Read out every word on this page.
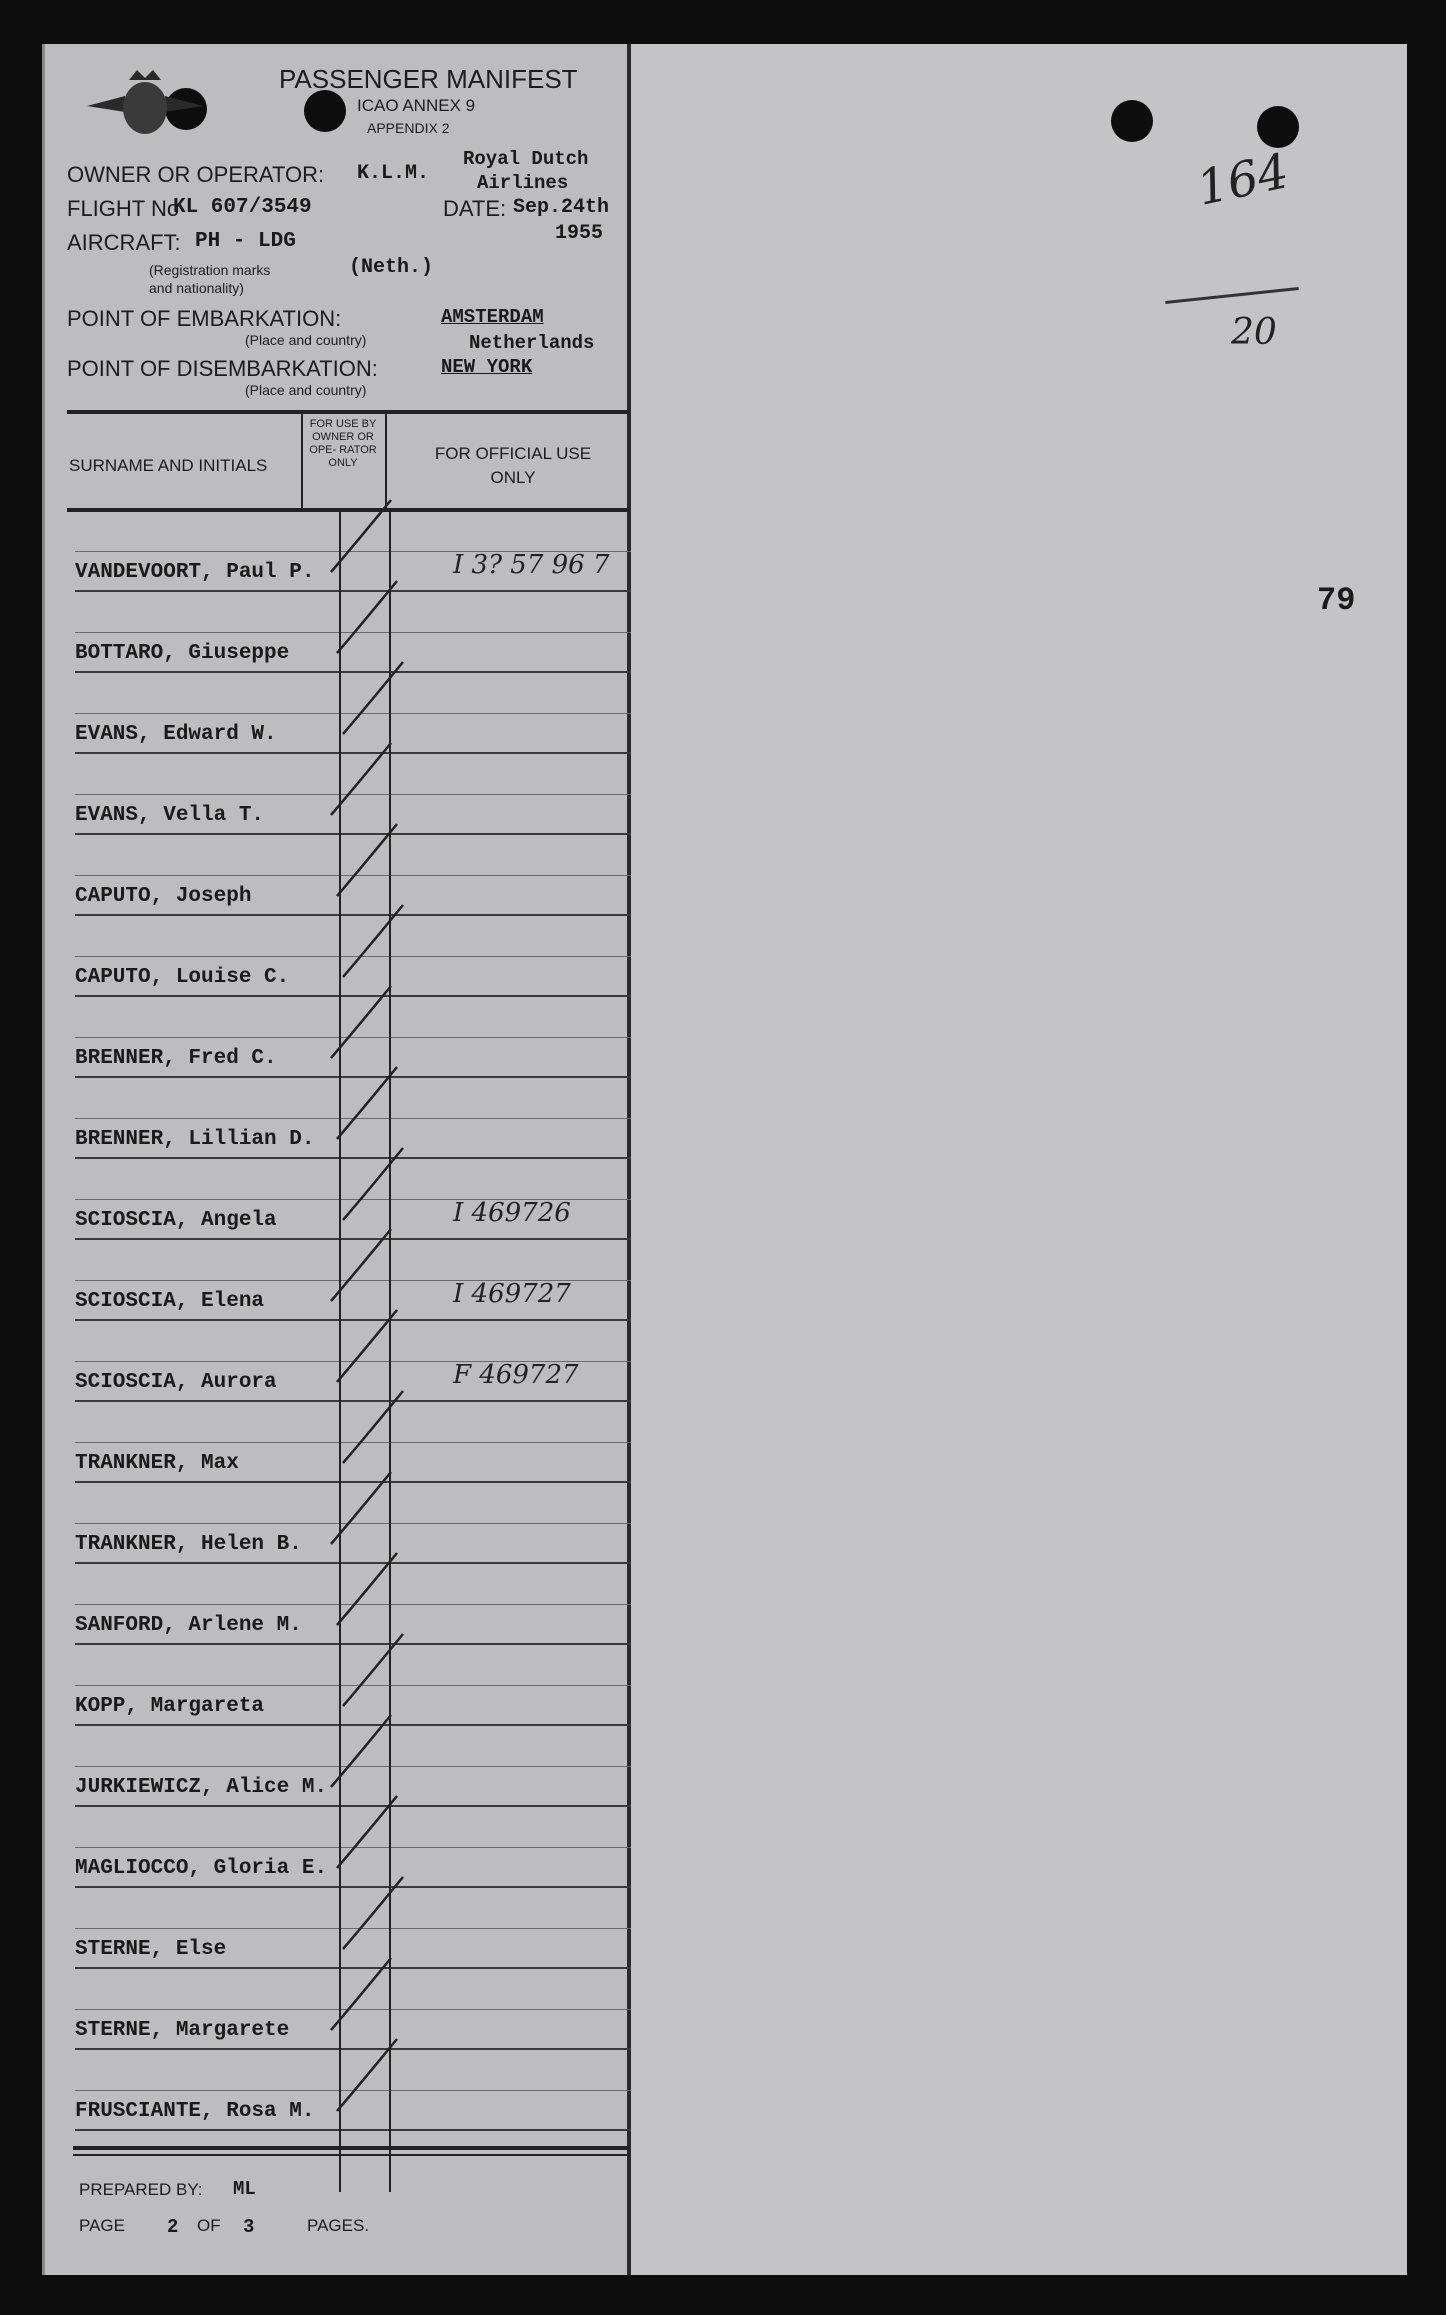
PASSENGER MANIFEST
ICAO ANNEX 9
APPENDIX 2
OWNER OR OPERATOR: K.L.M.
Royal Dutch
Airlines
FLIGHT No
KL 607/3549	DATE: Sep.24th
1955
AIRCRAFT: PH - LDG
(Registration marks	(Neth.)
and nationality)
POINT OF EMBARKATION:	AMSTERDAM
(Place and country)	Netherlands
POINT OF DISEMBARKATION:	NEW YORK
(Place and country)
SURNAME AND INITIALS
FOR USE BY OWNER OR OPE- RATOR ONLY	FOR OFFICIAL USE ONLY
VANDEVOORT, Paul P.	I 3? 57 96 7
BOTTARO, Giuseppe
EVANS, Edward W.
EVANS, Vella T.
CAPUTO, Joseph
CAPUTO, Louise C.
BRENNER, Fred C.
BRENNER, Lillian D.
SCIOSCIA, Angela	I 469726
SCIOSCIA, Elena	I 469727
SCIOSCIA, Aurora	F 469727
TRANKNER, Max
TRANKNER, Helen B.
SANFORD, Arlene M.
KOPP, Margareta
JURKIEWICZ, Alice M.
MAGLIOCCO, Gloria E.
STERNE, Else
STERNE, Margarete
FRUSCIANTE, Rosa M.
PREPARED BY: ML
PAGE 2 OF 3	PAGES.
164
20
79
